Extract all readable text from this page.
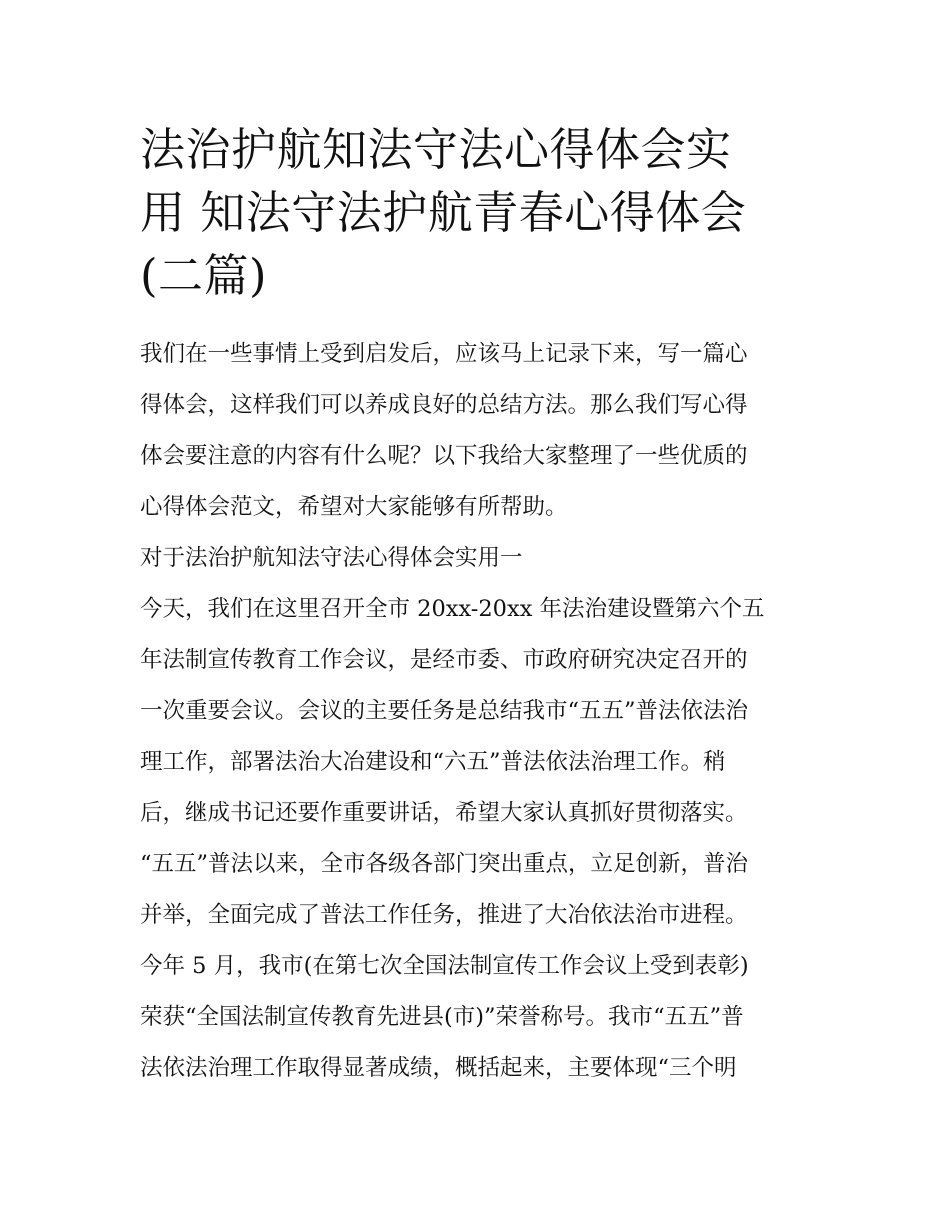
法治护航知法守法心得体会实
用 知法守法护航青春心得体会
(二篇)

我们在一些事情上受到启发后，应该马上记录下来，写一篇心
得体会，这样我们可以养成良好的总结方法。那么我们写心得
体会要注意的内容有什么呢？以下我给大家整理了一些优质的
心得体会范文，希望对大家能够有所帮助。

对于法治护航知法守法心得体会实用一

今天，我们在这里召开全市 20xx-20xx 年法治建设暨第六个五
年法制宣传教育工作会议，是经市委、市政府研究决定召开的
一次重要会议。会议的主要任务是总结我市“五五”普法依法治
理工作，部署法治大冶建设和“六五”普法依法治理工作。稍
后，继成书记还要作重要讲话，希望大家认真抓好贯彻落实。
“五五”普法以来，全市各级各部门突出重点，立足创新，普治
并举，全面完成了普法工作任务，推进了大冶依法治市进程。
今年 5 月，我市(在第七次全国法制宣传工作会议上受到表彰)
荣获“全国法制宣传教育先进县(市)”荣誉称号。我市“五五”普
法依法治理工作取得显著成绩，概括起来，主要体现“三个明
